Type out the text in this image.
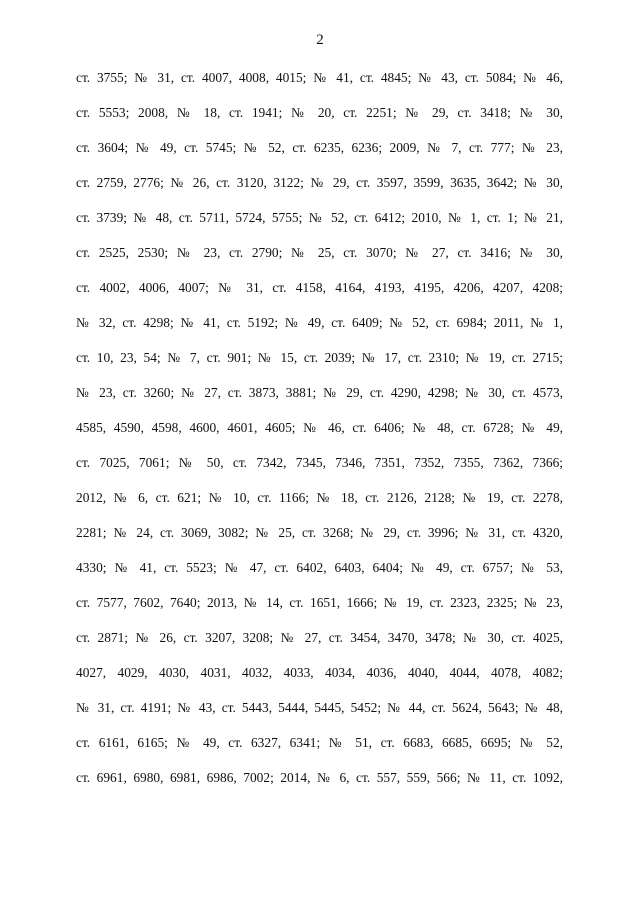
2
ст. 3755; № 31, ст. 4007, 4008, 4015; № 41, ст. 4845; № 43, ст. 5084; № 46,
ст. 5553; 2008, № 18, ст. 1941; № 20, ст. 2251; № 29, ст. 3418; № 30,
ст. 3604; № 49, ст. 5745; № 52, ст. 6235, 6236; 2009, № 7, ст. 777; № 23,
ст. 2759, 2776; № 26, ст. 3120, 3122; № 29, ст. 3597, 3599, 3635, 3642; № 30,
ст. 3739; № 48, ст. 5711, 5724, 5755; № 52, ст. 6412; 2010, № 1, ст. 1; № 21,
ст. 2525, 2530; № 23, ст. 2790; № 25, ст. 3070; № 27, ст. 3416; № 30,
ст. 4002, 4006, 4007; № 31, ст. 4158, 4164, 4193, 4195, 4206, 4207, 4208;
№ 32, ст. 4298; № 41, ст. 5192; № 49, ст. 6409; № 52, ст. 6984; 2011, № 1,
ст. 10, 23, 54; № 7, ст. 901; № 15, ст. 2039; № 17, ст. 2310; № 19, ст. 2715;
№ 23, ст. 3260; № 27, ст. 3873, 3881; № 29, ст. 4290, 4298; № 30, ст. 4573,
4585, 4590, 4598, 4600, 4601, 4605; № 46, ст. 6406; № 48, ст. 6728; № 49,
ст. 7025, 7061; № 50, ст. 7342, 7345, 7346, 7351, 7352, 7355, 7362, 7366;
2012, № 6, ст. 621; № 10, ст. 1166; № 18, ст. 2126, 2128; № 19, ст. 2278,
2281; № 24, ст. 3069, 3082; № 25, ст. 3268; № 29, ст. 3996; № 31, ст. 4320,
4330; № 41, ст. 5523; № 47, ст. 6402, 6403, 6404; № 49, ст. 6757; № 53,
ст. 7577, 7602, 7640; 2013, № 14, ст. 1651, 1666; № 19, ст. 2323, 2325; № 23,
ст. 2871; № 26, ст. 3207, 3208; № 27, ст. 3454, 3470, 3478; № 30, ст. 4025,
4027, 4029, 4030, 4031, 4032, 4033, 4034, 4036, 4040, 4044, 4078, 4082;
№ 31, ст. 4191; № 43, ст. 5443, 5444, 5445, 5452; № 44, ст. 5624, 5643; № 48,
ст. 6161, 6165; № 49, ст. 6327, 6341; № 51, ст. 6683, 6685, 6695; № 52,
ст. 6961, 6980, 6981, 6986, 7002; 2014, № 6, ст. 557, 559, 566; № 11, ст. 1092,
